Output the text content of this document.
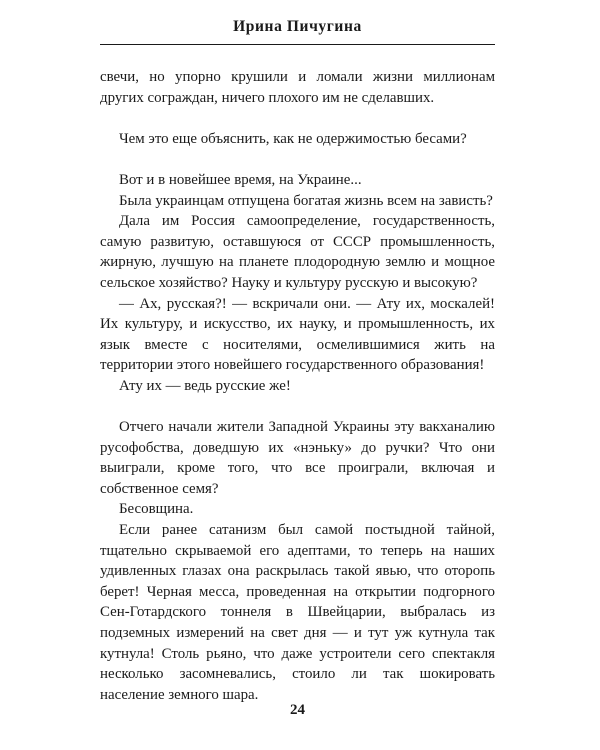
Ирина Пичугина

свечи, но упорно крушили и ломали жизни миллионам других сограждан, ничего плохого им не сделавших.

Чем это еще объяснить, как не одержимостью бесами?

Вот и в новейшее время, на Украине...

Была украинцам отпущена богатая жизнь всем на зависть?

Дала им Россия самоопределение, государственность, самую развитую, оставшуюся от СССР промышленность, жирную, лучшую на планете плодородную землю и мощное сельское хозяйство? Науку и культуру русскую и высокую?

— Ах, русская?! — вскричали они. — Ату их, москалей! Их культуру, и искусство, их науку, и промышленность, их язык вместе с носителями, осмелившимися жить на территории этого новейшего государственного образования!

Ату их — ведь русские же!

Отчего начали жители Западной Украины эту вакханалию русофобства, доведшую их «нэньку» до ручки? Что они выиграли, кроме того, что все проиграли, включая и собственное семя?

Бесовщина.

Если ранее сатанизм был самой постыдной тайной, тщательно скрываемой его адептами, то теперь на наших удивленных глазах она раскрылась такой явью, что оторопь берет! Черная месса, проведенная на открытии подгорного Сен-Готардского тоннеля в Швейцарии, выбралась из подземных измерений на свет дня — и тут уж кутнула так кутнула! Столь рьяно, что даже устроители сего спектакля несколько засомневались, стоило ли так шокировать население земного шара.

24
